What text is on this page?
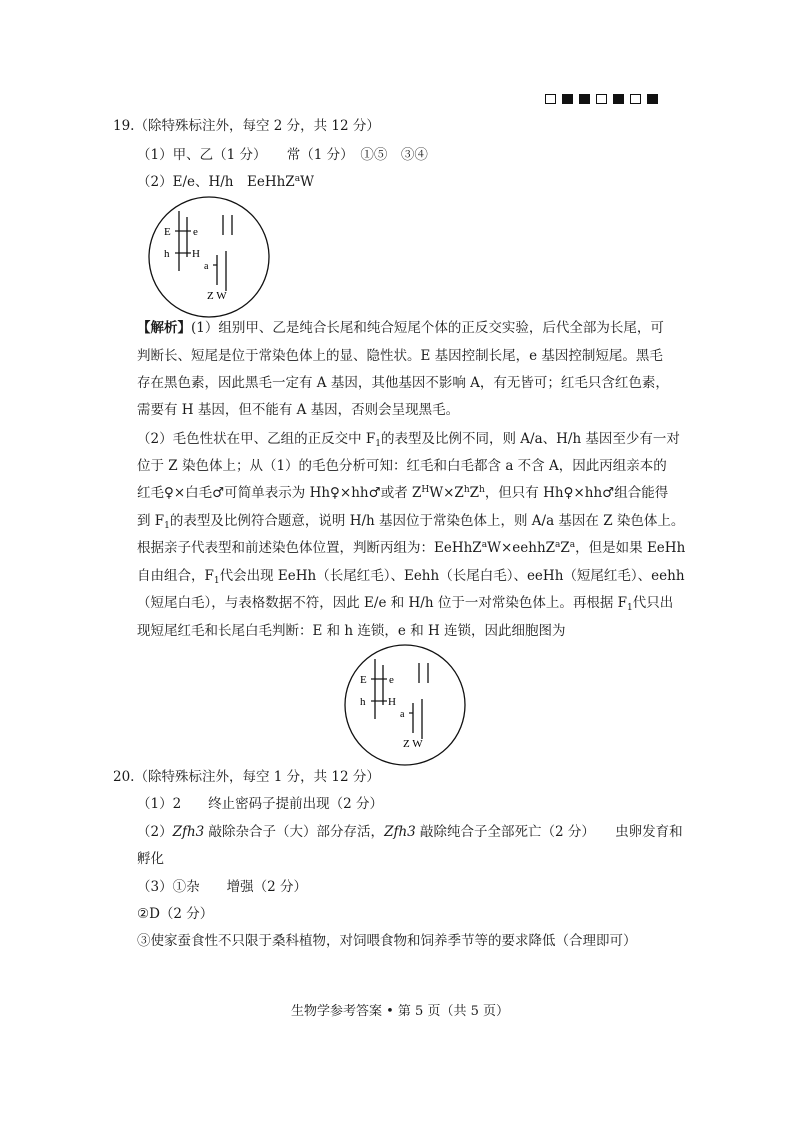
19.（除特殊标注外，每空 2 分，共 12 分）
（1）甲、乙（1 分）　　常（1 分）　①⑤　③④
（2）E/e、H/h　EeHhZ$^a$W
E e
h H
a
Z W
【解析】(1）组别甲、乙是纯合长尾和纯合短尾个体的正反交实验，后代全部为长尾，可
判断长、短尾是位于常染色体上的显、隐性状。E 基因控制长尾，e 基因控制短尾。黑毛
存在黑色素，因此黑毛一定有 A 基因，其他基因不影响 A，有无皆可；红毛只含红色素，
需要有 H 基因，但不能有 A 基因，否则会呈现黑毛。
（2）毛色性状在甲、乙组的正反交中 $F_1$的表型及比例不同，则 A/a、H/h 基因至少有一对
位于 Z 染色体上；从（1）的毛色分析可知：红毛和白毛都含 a 不含 A，因此丙组亲本的
红毛♀×白毛♂可简单表示为 Hh♀×hh♂或者 $Z^HW\times Z^hZ^h$，但只有 Hh♀×hh♂组合能得
到 $F_1$的表型及比例符合题意，说明 H/h 基因位于常染色体上，则 A/a 基因在 Z 染色体上。
根据亲子代表型和前述染色体位置，判断丙组为：$EeHhZ^aW\times eehhZ^aZ^a$，但是如果 EeHh
自由组合，$F_1$代会出现 EeHh（长尾红毛）、Eehh（长尾白毛）、eeHh（短尾红毛）、eehh
（短尾白毛），与表格数据不符，因此 E/e 和 H/h 位于一对常染色体上。再根据 $F_1$代只出
现短尾红毛和长尾白毛判断：E 和 h 连锁，e 和 H 连锁，因此细胞图为
E e
h H
a
Z W
20.（除特殊标注外，每空 1 分，共 12 分）
（1）2　　终止密码子提前出现（2 分）
（2）Zfh3 敲除杂合子（大）部分存活，Zfh3 敲除纯合子全部死亡（2 分）　　虫卵发育和
孵化
（3）①杂　　增强（2 分）
②D（2 分）
③使家蚕食性不只限于桑科植物，对饲喂食物和饲养季节等的要求降低（合理即可）
生物学参考答案 • 第 5 页（共 5 页）
